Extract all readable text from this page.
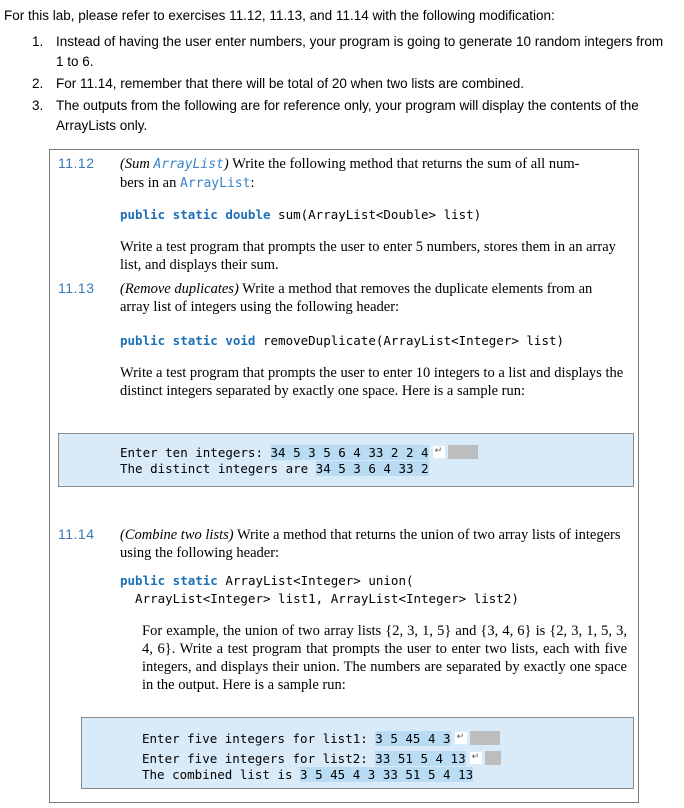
For this lab, please refer to exercises 11.12, 11.13, and 11.14 with the following modification:
1. Instead of having the user enter numbers, your program is going to generate 10 random integers from 1 to 6.
2. For 11.14, remember that there will be total of 20 when two lists are combined.
3. The outputs from the following are for reference only, your program will display the contents of the ArrayLists only.
11.12 (Sum ArrayList) Write the following method that returns the sum of all num-
bers in an ArrayList:
public static double sum(ArrayList<Double> list)
Write a test program that prompts the user to enter 5 numbers, stores them in an array list, and displays their sum.
11.13 (Remove duplicates) Write a method that removes the duplicate elements from an array list of integers using the following header:
public static void removeDuplicate(ArrayList<Integer> list)
Write a test program that prompts the user to enter 10 integers to a list and displays the distinct integers separated by exactly one space. Here is a sample run:
Enter ten integers: 34 5 3 5 6 4 33 2 2 4 ↵
The distinct integers are 34 5 3 6 4 33 2
11.14 (Combine two lists) Write a method that returns the union of two array lists of integers using the following header:
public static ArrayList<Integer> union(
ArrayList<Integer> list1, ArrayList<Integer> list2)
For example, the union of two array lists {2, 3, 1, 5} and {3, 4, 6} is {2, 3, 1, 5, 3, 4, 6}. Write a test program that prompts the user to enter two lists, each with five integers, and displays their union. The numbers are separated by exactly one space in the output. Here is a sample run:
Enter five integers for list1: 3 5 45 4 3 ↵
Enter five integers for list2: 33 51 5 4 13 ↵
The combined list is 3 5 45 4 3 33 51 5 4 13
